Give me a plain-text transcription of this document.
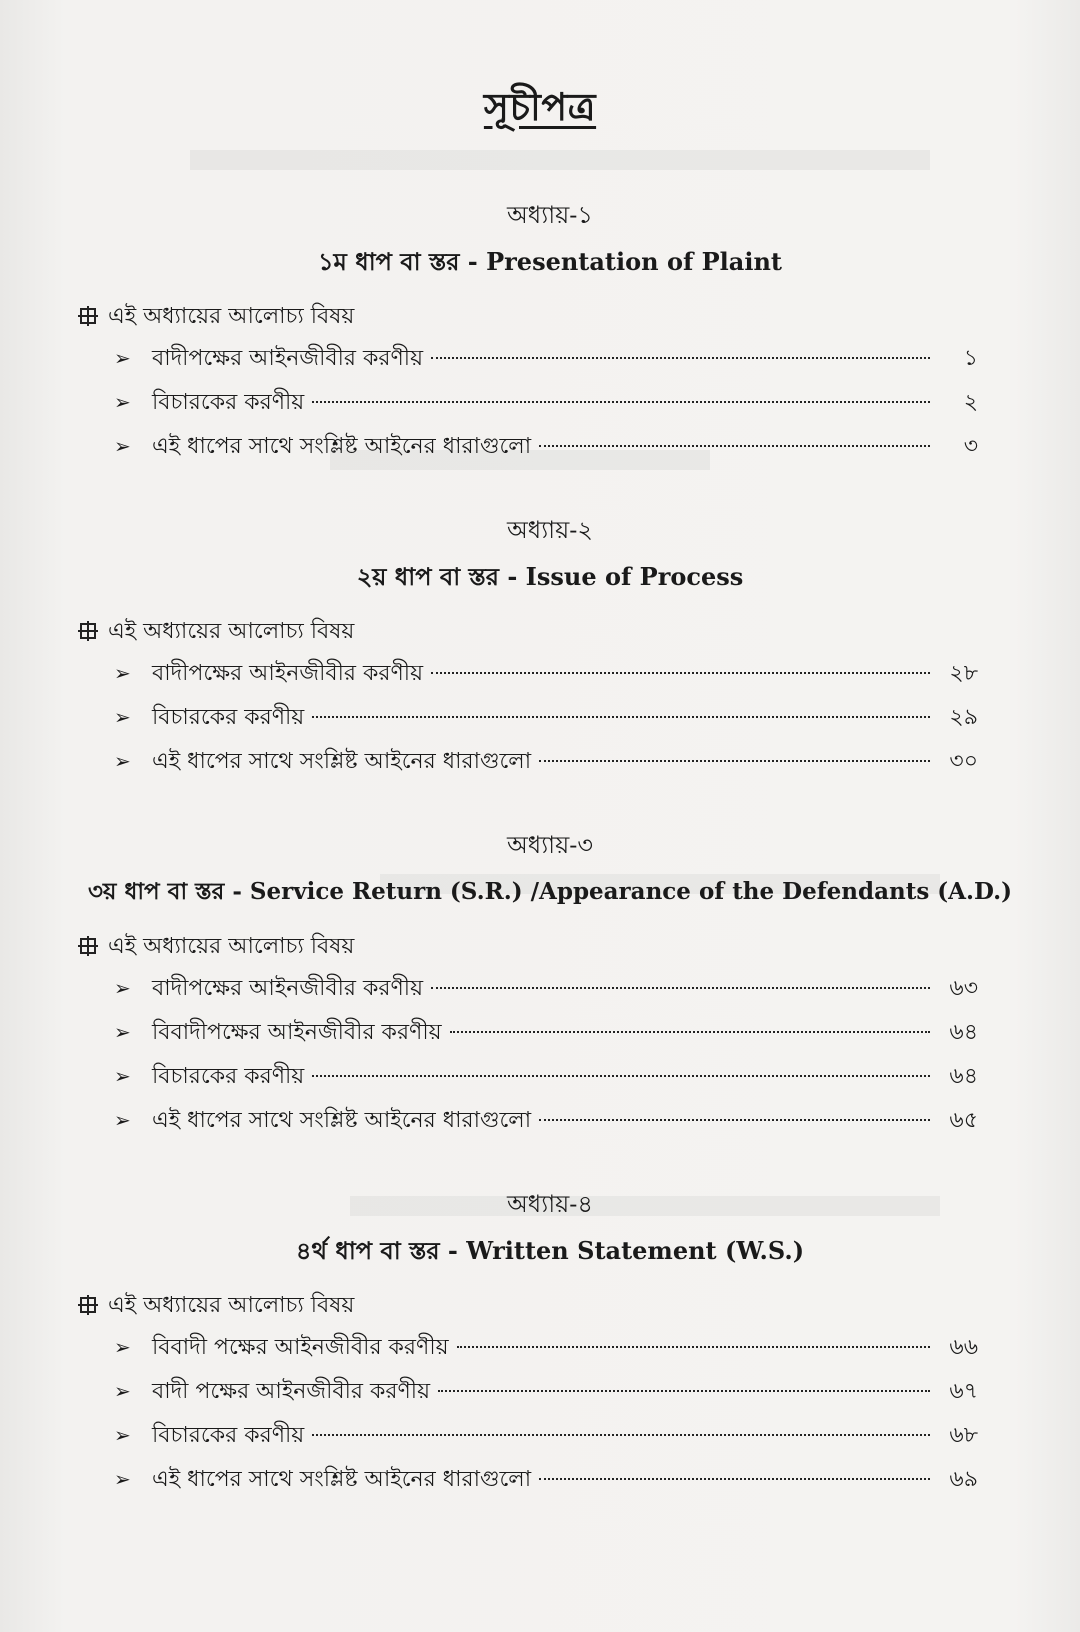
সূচীপত্র
অধ্যায়-১
১ম ধাপ বা স্তর - Presentation of Plaint
এই অধ্যায়ের আলোচ্য বিষয়
➢ বাদীপক্ষের আইনজীবীর করণীয়	১
➢ বিচারকের করণীয়	২
➢ এই ধাপের সাথে সংশ্লিষ্ট আইনের ধারাগুলো	৩
অধ্যায়-২
২য় ধাপ বা স্তর - Issue of Process
এই অধ্যায়ের আলোচ্য বিষয়
➢ বাদীপক্ষের আইনজীবীর করণীয়	২৮
➢ বিচারকের করণীয়	২৯
➢ এই ধাপের সাথে সংশ্লিষ্ট আইনের ধারাগুলো	৩০
অধ্যায়-৩
৩য় ধাপ বা স্তর - Service Return (S.R.) /Appearance of the Defendants (A.D.)
এই অধ্যায়ের আলোচ্য বিষয়
➢ বাদীপক্ষের আইনজীবীর করণীয়	৬৩
➢ বিবাদীপক্ষের আইনজীবীর করণীয়	৬৪
➢ বিচারকের করণীয়	৬৪
➢ এই ধাপের সাথে সংশ্লিষ্ট আইনের ধারাগুলো	৬৫
অধ্যায়-৪
৪র্থ ধাপ বা স্তর - Written Statement (W.S.)
এই অধ্যায়ের আলোচ্য বিষয়
➢ বিবাদী পক্ষের আইনজীবীর করণীয়	৬৬
➢ বাদী পক্ষের আইনজীবীর করণীয়	৬৭
➢ বিচারকের করণীয়	৬৮
➢ এই ধাপের সাথে সংশ্লিষ্ট আইনের ধারাগুলো	৬৯
